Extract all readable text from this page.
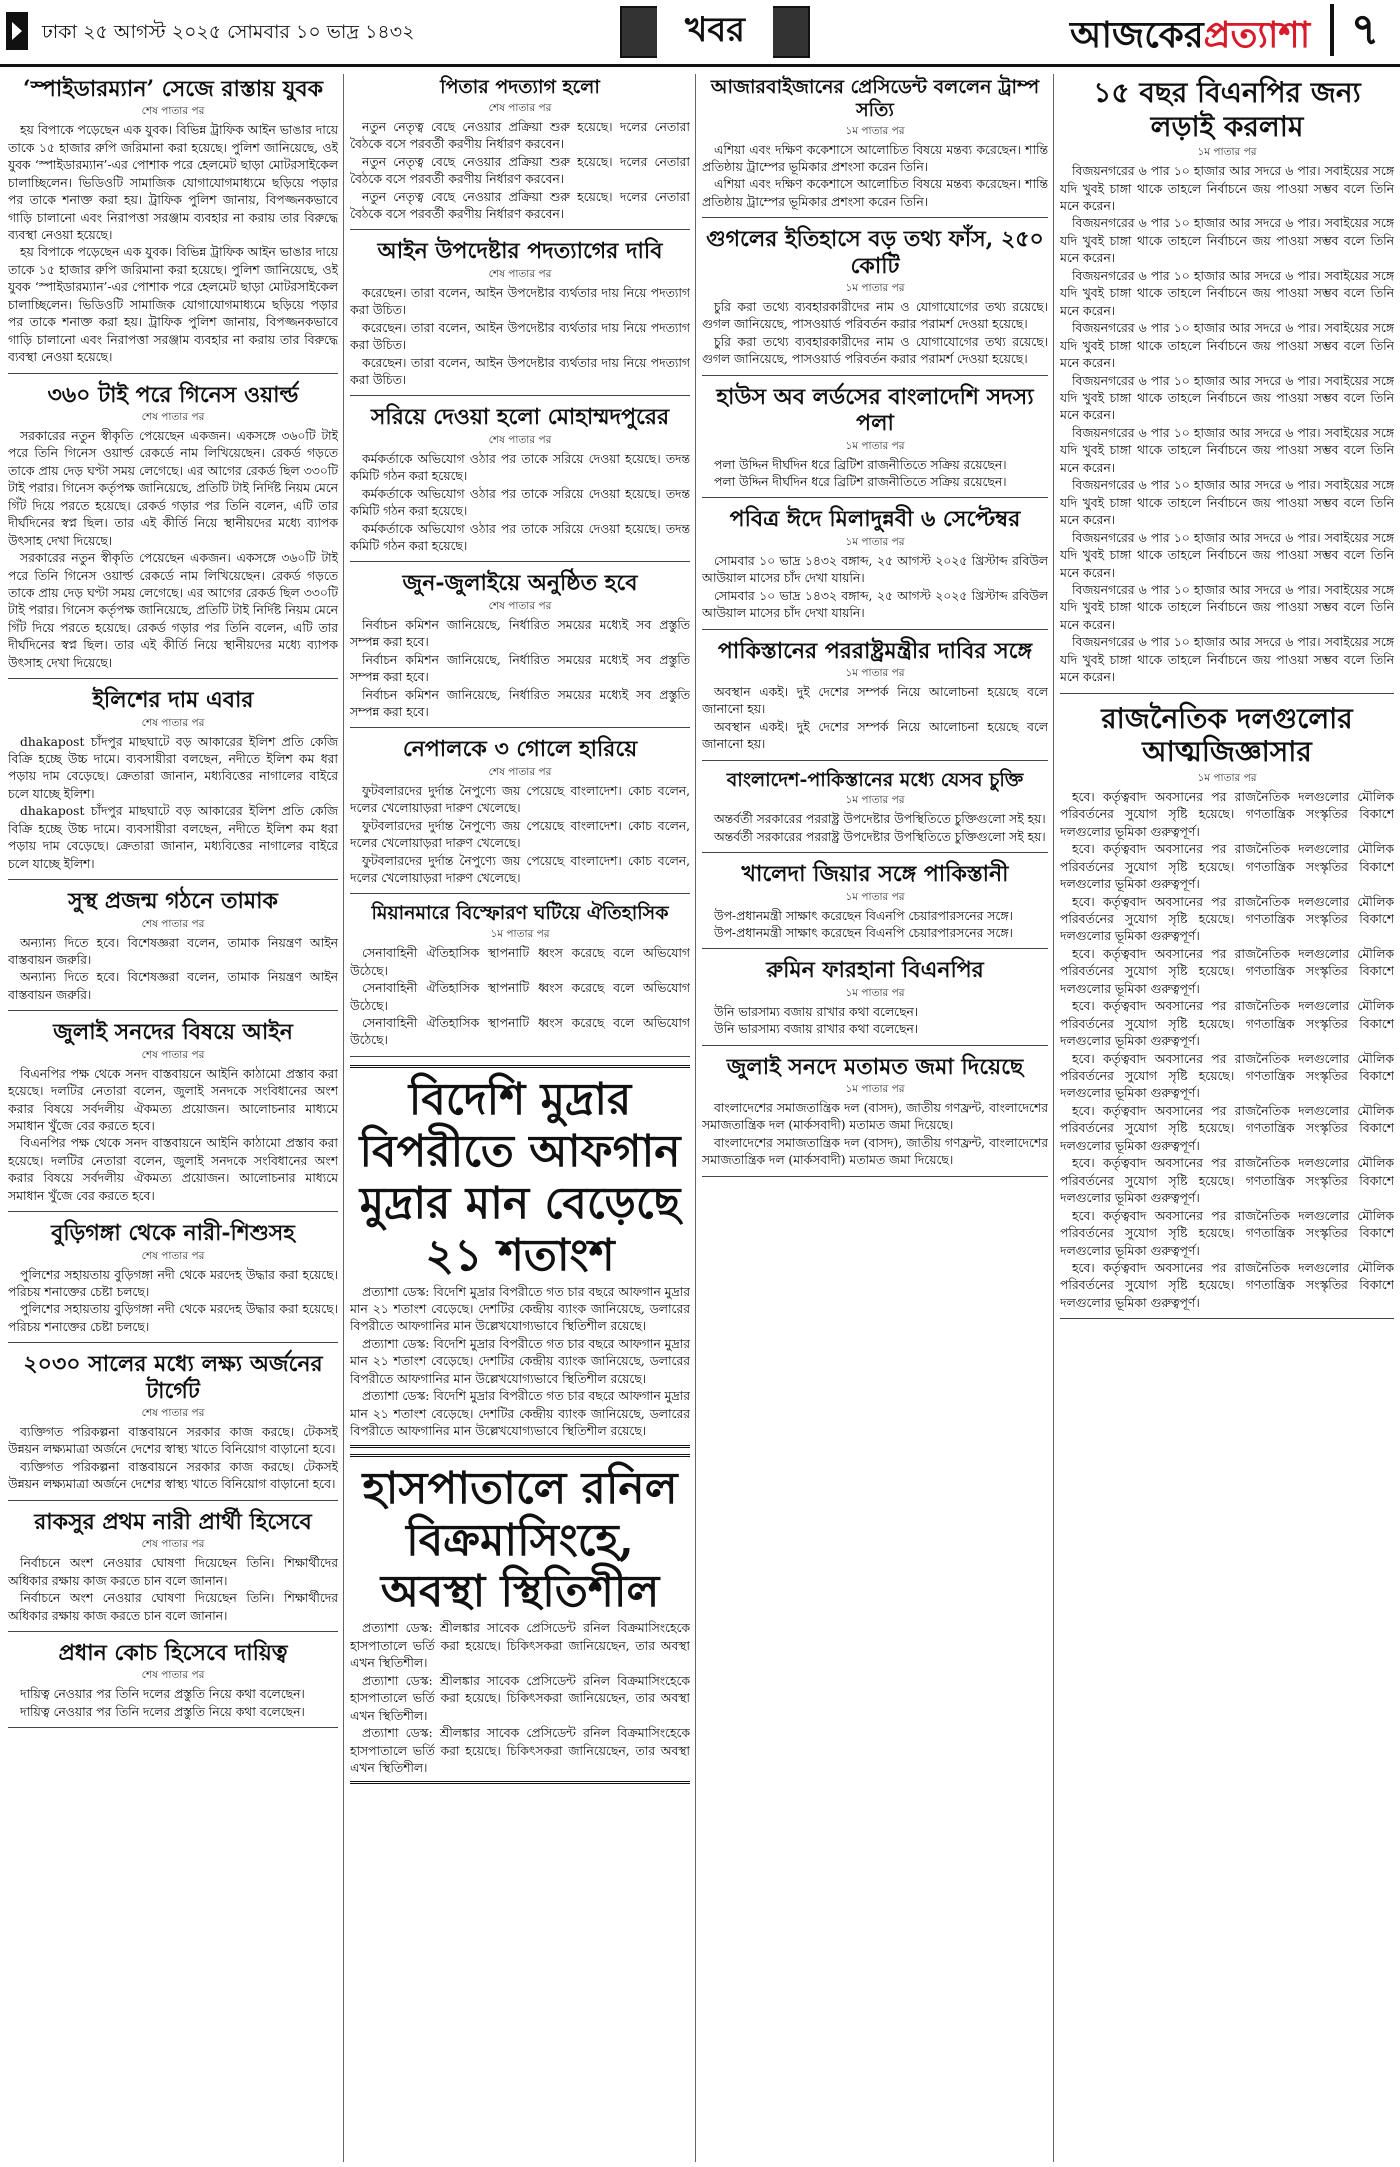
ঢাকা ২৫ আগস্ট ২০২৫ সোমবার ১০ ভাদ্র ১৪৩২	খবর	আজকেরপ্রত্যাশা ৭
‘স্পাইডারম্যান’ সেজে রাস্তায় যুবক
শেষ পাতার পর

হয় বিপাকে পড়েছেন এক যুবক। বিভিন্ন ট্রাফিক আইন ভাঙার দায়ে তাকে ১৫ হাজার রুপি জরিমানা করা হয়েছে। পুলিশ জানিয়েছে, ওই যুবক ‘স্পাইডারম্যান’-এর পোশাক পরে হেলমেট ছাড়া মোটরসাইকেল চালাচ্ছিলেন। ভিডিওটি সামাজিক যোগাযোগমাধ্যমে ছড়িয়ে পড়ার পর তাকে শনাক্ত করা হয়। ট্রাফিক পুলিশ জানায়, বিপজ্জনকভাবে গাড়ি চালানো এবং নিরাপত্তা সরঞ্জাম ব্যবহার না করায় তার বিরুদ্ধে ব্যবস্থা নেওয়া হয়েছে।

হয় বিপাকে পড়েছেন এক যুবক। বিভিন্ন ট্রাফিক আইন ভাঙার দায়ে তাকে ১৫ হাজার রুপি জরিমানা করা হয়েছে। পুলিশ জানিয়েছে, ওই যুবক ‘স্পাইডারম্যান’-এর পোশাক পরে হেলমেট ছাড়া মোটরসাইকেল চালাচ্ছিলেন। ভিডিওটি সামাজিক যোগাযোগমাধ্যমে ছড়িয়ে পড়ার পর তাকে শনাক্ত করা হয়। ট্রাফিক পুলিশ জানায়, বিপজ্জনকভাবে গাড়ি চালানো এবং নিরাপত্তা সরঞ্জাম ব্যবহার না করায় তার বিরুদ্ধে ব্যবস্থা নেওয়া হয়েছে।

৩৬০ টাই পরে গিনেস ওয়ার্ল্ড
শেষ পাতার পর

সরকারের নতুন স্বীকৃতি পেয়েছেন একজন। একসঙ্গে ৩৬০টি টাই পরে তিনি গিনেস ওয়ার্ল্ড রেকর্ডে নাম লিখিয়েছেন। রেকর্ড গড়তে তাকে প্রায় দেড় ঘণ্টা সময় লেগেছে। এর আগের রেকর্ড ছিল ৩৩০টি টাই পরার। গিনেস কর্তৃপক্ষ জানিয়েছে, প্রতিটি টাই নির্দিষ্ট নিয়ম মেনে গিঁট দিয়ে পরতে হয়েছে। রেকর্ড গড়ার পর তিনি বলেন, এটি তার দীর্ঘদিনের স্বপ্ন ছিল। তার এই কীর্তি নিয়ে স্থানীয়দের মধ্যে ব্যাপক উৎসাহ দেখা দিয়েছে।

সরকারের নতুন স্বীকৃতি পেয়েছেন একজন। একসঙ্গে ৩৬০টি টাই পরে তিনি গিনেস ওয়ার্ল্ড রেকর্ডে নাম লিখিয়েছেন। রেকর্ড গড়তে তাকে প্রায় দেড় ঘণ্টা সময় লেগেছে। এর আগের রেকর্ড ছিল ৩৩০টি টাই পরার। গিনেস কর্তৃপক্ষ জানিয়েছে, প্রতিটি টাই নির্দিষ্ট নিয়ম মেনে গিঁট দিয়ে পরতে হয়েছে। রেকর্ড গড়ার পর তিনি বলেন, এটি তার দীর্ঘদিনের স্বপ্ন ছিল। তার এই কীর্তি নিয়ে স্থানীয়দের মধ্যে ব্যাপক উৎসাহ দেখা দিয়েছে।

ইলিশের দাম এবার
শেষ পাতার পর

dhakapost চাঁদপুর মাছঘাটে বড় আকারের ইলিশ প্রতি কেজি বিক্রি হচ্ছে উচ্চ দামে। ব্যবসায়ীরা বলছেন, নদীতে ইলিশ কম ধরা পড়ায় দাম বেড়েছে। ক্রেতারা জানান, মধ্যবিত্তের নাগালের বাইরে চলে যাচ্ছে ইলিশ।

dhakapost চাঁদপুর মাছঘাটে বড় আকারের ইলিশ প্রতি কেজি বিক্রি হচ্ছে উচ্চ দামে। ব্যবসায়ীরা বলছেন, নদীতে ইলিশ কম ধরা পড়ায় দাম বেড়েছে। ক্রেতারা জানান, মধ্যবিত্তের নাগালের বাইরে চলে যাচ্ছে ইলিশ।

সুস্থ প্রজন্ম গঠনে তামাক
শেষ পাতার পর

অন্যান্য দিতে হবে। বিশেষজ্ঞরা বলেন, তামাক নিয়ন্ত্রণ আইন বাস্তবায়ন জরুরি।

অন্যান্য দিতে হবে। বিশেষজ্ঞরা বলেন, তামাক নিয়ন্ত্রণ আইন বাস্তবায়ন জরুরি।

জুলাই সনদের বিষয়ে আইন
শেষ পাতার পর

বিএনপির পক্ষ থেকে সনদ বাস্তবায়নে আইনি কাঠামো প্রস্তাব করা হয়েছে। দলটির নেতারা বলেন, জুলাই সনদকে সংবিধানের অংশ করার বিষয়ে সর্বদলীয় ঐকমত্য প্রয়োজন। আলোচনার মাধ্যমে সমাধান খুঁজে বের করতে হবে।

বিএনপির পক্ষ থেকে সনদ বাস্তবায়নে আইনি কাঠামো প্রস্তাব করা হয়েছে। দলটির নেতারা বলেন, জুলাই সনদকে সংবিধানের অংশ করার বিষয়ে সর্বদলীয় ঐকমত্য প্রয়োজন। আলোচনার মাধ্যমে সমাধান খুঁজে বের করতে হবে।

বুড়িগঙ্গা থেকে নারী-শিশুসহ
শেষ পাতার পর

পুলিশের সহায়তায় বুড়িগঙ্গা নদী থেকে মরদেহ উদ্ধার করা হয়েছে। পরিচয় শনাক্তের চেষ্টা চলছে।

পুলিশের সহায়তায় বুড়িগঙ্গা নদী থেকে মরদেহ উদ্ধার করা হয়েছে। পরিচয় শনাক্তের চেষ্টা চলছে।

২০৩০ সালের মধ্যে লক্ষ্য অর্জনের টার্গেট
শেষ পাতার পর

ব্যক্তিগত পরিকল্পনা বাস্তবায়নে সরকার কাজ করছে। টেকসই উন্নয়ন লক্ষ্যমাত্রা অর্জনে দেশের স্বাস্থ্য খাতে বিনিয়োগ বাড়ানো হবে।

ব্যক্তিগত পরিকল্পনা বাস্তবায়নে সরকার কাজ করছে। টেকসই উন্নয়ন লক্ষ্যমাত্রা অর্জনে দেশের স্বাস্থ্য খাতে বিনিয়োগ বাড়ানো হবে।

রাকসুর প্রথম নারী প্রার্থী হিসেবে
শেষ পাতার পর

নির্বাচনে অংশ নেওয়ার ঘোষণা দিয়েছেন তিনি। শিক্ষার্থীদের অধিকার রক্ষায় কাজ করতে চান বলে জানান।

নির্বাচনে অংশ নেওয়ার ঘোষণা দিয়েছেন তিনি। শিক্ষার্থীদের অধিকার রক্ষায় কাজ করতে চান বলে জানান।

প্রধান কোচ হিসেবে দায়িত্ব
শেষ পাতার পর

দায়িত্ব নেওয়ার পর তিনি দলের প্রস্তুতি নিয়ে কথা বলেছেন।

দায়িত্ব নেওয়ার পর তিনি দলের প্রস্তুতি নিয়ে কথা বলেছেন।

পিতার পদত্যাগ হলো
শেষ পাতার পর

নতুন নেতৃত্ব বেছে নেওয়ার প্রক্রিয়া শুরু হয়েছে। দলের নেতারা বৈঠকে বসে পরবর্তী করণীয় নির্ধারণ করবেন।

নতুন নেতৃত্ব বেছে নেওয়ার প্রক্রিয়া শুরু হয়েছে। দলের নেতারা বৈঠকে বসে পরবর্তী করণীয় নির্ধারণ করবেন।

নতুন নেতৃত্ব বেছে নেওয়ার প্রক্রিয়া শুরু হয়েছে। দলের নেতারা বৈঠকে বসে পরবর্তী করণীয় নির্ধারণ করবেন।

আইন উপদেষ্টার পদত্যাগের দাবি
শেষ পাতার পর

করেছেন। তারা বলেন, আইন উপদেষ্টার ব্যর্থতার দায় নিয়ে পদত্যাগ করা উচিত।

করেছেন। তারা বলেন, আইন উপদেষ্টার ব্যর্থতার দায় নিয়ে পদত্যাগ করা উচিত।

করেছেন। তারা বলেন, আইন উপদেষ্টার ব্যর্থতার দায় নিয়ে পদত্যাগ করা উচিত।

সরিয়ে দেওয়া হলো মোহাম্মদপুরের
শেষ পাতার পর

কর্মকর্তাকে অভিযোগ ওঠার পর তাকে সরিয়ে দেওয়া হয়েছে। তদন্ত কমিটি গঠন করা হয়েছে।

কর্মকর্তাকে অভিযোগ ওঠার পর তাকে সরিয়ে দেওয়া হয়েছে। তদন্ত কমিটি গঠন করা হয়েছে।

কর্মকর্তাকে অভিযোগ ওঠার পর তাকে সরিয়ে দেওয়া হয়েছে। তদন্ত কমিটি গঠন করা হয়েছে।

জুন-জুলাইয়ে অনুষ্ঠিত হবে
শেষ পাতার পর

নির্বাচন কমিশন জানিয়েছে, নির্ধারিত সময়ের মধ্যেই সব প্রস্তুতি সম্পন্ন করা হবে।

নির্বাচন কমিশন জানিয়েছে, নির্ধারিত সময়ের মধ্যেই সব প্রস্তুতি সম্পন্ন করা হবে।

নির্বাচন কমিশন জানিয়েছে, নির্ধারিত সময়ের মধ্যেই সব প্রস্তুতি সম্পন্ন করা হবে।

নেপালকে ৩ গোলে হারিয়ে
শেষ পাতার পর

ফুটবলারদের দুর্দান্ত নৈপুণ্যে জয় পেয়েছে বাংলাদেশ। কোচ বলেন, দলের খেলোয়াড়রা দারুণ খেলেছে।

ফুটবলারদের দুর্দান্ত নৈপুণ্যে জয় পেয়েছে বাংলাদেশ। কোচ বলেন, দলের খেলোয়াড়রা দারুণ খেলেছে।

ফুটবলারদের দুর্দান্ত নৈপুণ্যে জয় পেয়েছে বাংলাদেশ। কোচ বলেন, দলের খেলোয়াড়রা দারুণ খেলেছে।

মিয়ানমারে বিস্ফোরণ ঘটিয়ে ঐতিহাসিক
১ম পাতার পর

সেনাবাহিনী ঐতিহাসিক স্থাপনাটি ধ্বংস করেছে বলে অভিযোগ উঠেছে।

সেনাবাহিনী ঐতিহাসিক স্থাপনাটি ধ্বংস করেছে বলে অভিযোগ উঠেছে।

সেনাবাহিনী ঐতিহাসিক স্থাপনাটি ধ্বংস করেছে বলে অভিযোগ উঠেছে।

বিদেশি মুদ্রার বিপরীতে আফগান মুদ্রার মান বেড়েছে ২১ শতাংশ

প্রত্যাশা ডেস্ক: বিদেশি মুদ্রার বিপরীতে গত চার বছরে আফগান মুদ্রার মান ২১ শতাংশ বেড়েছে। দেশটির কেন্দ্রীয় ব্যাংক জানিয়েছে, ডলারের বিপরীতে আফগানির মান উল্লেখযোগ্যভাবে স্থিতিশীল রয়েছে।

প্রত্যাশা ডেস্ক: বিদেশি মুদ্রার বিপরীতে গত চার বছরে আফগান মুদ্রার মান ২১ শতাংশ বেড়েছে। দেশটির কেন্দ্রীয় ব্যাংক জানিয়েছে, ডলারের বিপরীতে আফগানির মান উল্লেখযোগ্যভাবে স্থিতিশীল রয়েছে।

প্রত্যাশা ডেস্ক: বিদেশি মুদ্রার বিপরীতে গত চার বছরে আফগান মুদ্রার মান ২১ শতাংশ বেড়েছে। দেশটির কেন্দ্রীয় ব্যাংক জানিয়েছে, ডলারের বিপরীতে আফগানির মান উল্লেখযোগ্যভাবে স্থিতিশীল রয়েছে।

হাসপাতালে রনিল বিক্রমাসিংহে, অবস্থা স্থিতিশীল

প্রত্যাশা ডেস্ক: শ্রীলঙ্কার সাবেক প্রেসিডেন্ট রনিল বিক্রমাসিংহেকে হাসপাতালে ভর্তি করা হয়েছে। চিকিৎসকরা জানিয়েছেন, তার অবস্থা এখন স্থিতিশীল।

প্রত্যাশা ডেস্ক: শ্রীলঙ্কার সাবেক প্রেসিডেন্ট রনিল বিক্রমাসিংহেকে হাসপাতালে ভর্তি করা হয়েছে। চিকিৎসকরা জানিয়েছেন, তার অবস্থা এখন স্থিতিশীল।

প্রত্যাশা ডেস্ক: শ্রীলঙ্কার সাবেক প্রেসিডেন্ট রনিল বিক্রমাসিংহেকে হাসপাতালে ভর্তি করা হয়েছে। চিকিৎসকরা জানিয়েছেন, তার অবস্থা এখন স্থিতিশীল।

আজারবাইজানের প্রেসিডেন্ট বললেন ট্রাম্প সত্যি
১ম পাতার পর

এশিয়া এবং দক্ষিণ ককেশাসে আলোচিত বিষয়ে মন্তব্য করেছেন। শান্তি প্রতিষ্ঠায় ট্রাম্পের ভূমিকার প্রশংসা করেন তিনি।

এশিয়া এবং দক্ষিণ ককেশাসে আলোচিত বিষয়ে মন্তব্য করেছেন। শান্তি প্রতিষ্ঠায় ট্রাম্পের ভূমিকার প্রশংসা করেন তিনি।

গুগলের ইতিহাসে বড় তথ্য ফাঁস, ২৫০ কোটি
১ম পাতার পর

চুরি করা তথ্যে ব্যবহারকারীদের নাম ও যোগাযোগের তথ্য রয়েছে। গুগল জানিয়েছে, পাসওয়ার্ড পরিবর্তন করার পরামর্শ দেওয়া হয়েছে।

চুরি করা তথ্যে ব্যবহারকারীদের নাম ও যোগাযোগের তথ্য রয়েছে। গুগল জানিয়েছে, পাসওয়ার্ড পরিবর্তন করার পরামর্শ দেওয়া হয়েছে।

হাউস অব লর্ডসের বাংলাদেশি সদস্য পলা
১ম পাতার পর

পলা উদ্দিন দীর্ঘদিন ধরে ব্রিটিশ রাজনীতিতে সক্রিয় রয়েছেন।

পলা উদ্দিন দীর্ঘদিন ধরে ব্রিটিশ রাজনীতিতে সক্রিয় রয়েছেন।

পবিত্র ঈদে মিলাদুন্নবী ৬ সেপ্টেম্বর
১ম পাতার পর

সোমবার ১০ ভাদ্র ১৪৩২ বঙ্গাব্দ, ২৫ আগস্ট ২০২৫ খ্রিস্টাব্দ রবিউল আউয়াল মাসের চাঁদ দেখা যায়নি।

সোমবার ১০ ভাদ্র ১৪৩২ বঙ্গাব্দ, ২৫ আগস্ট ২০২৫ খ্রিস্টাব্দ রবিউল আউয়াল মাসের চাঁদ দেখা যায়নি।

পাকিস্তানের পররাষ্ট্রমন্ত্রীর দাবির সঙ্গে
১ম পাতার পর

অবস্থান একই। দুই দেশের সম্পর্ক নিয়ে আলোচনা হয়েছে বলে জানানো হয়।

অবস্থান একই। দুই দেশের সম্পর্ক নিয়ে আলোচনা হয়েছে বলে জানানো হয়।

বাংলাদেশ-পাকিস্তানের মধ্যে যেসব চুক্তি
১ম পাতার পর

অন্তর্বর্তী সরকারের পররাষ্ট্র উপদেষ্টার উপস্থিতিতে চুক্তিগুলো সই হয়।

অন্তর্বর্তী সরকারের পররাষ্ট্র উপদেষ্টার উপস্থিতিতে চুক্তিগুলো সই হয়।

খালেদা জিয়ার সঙ্গে পাকিস্তানী
১ম পাতার পর

উপ-প্রধানমন্ত্রী সাক্ষাৎ করেছেন বিএনপি চেয়ারপারসনের সঙ্গে।

উপ-প্রধানমন্ত্রী সাক্ষাৎ করেছেন বিএনপি চেয়ারপারসনের সঙ্গে।

রুমিন ফারহানা বিএনপির
১ম পাতার পর

উনি ভারসাম্য বজায় রাখার কথা বলেছেন।

উনি ভারসাম্য বজায় রাখার কথা বলেছেন।

জুলাই সনদে মতামত জমা দিয়েছে
১ম পাতার পর

বাংলাদেশের সমাজতান্ত্রিক দল (বাসদ), জাতীয় গণফ্রন্ট, বাংলাদেশের সমাজতান্ত্রিক দল (মার্কসবাদী) মতামত জমা দিয়েছে।

বাংলাদেশের সমাজতান্ত্রিক দল (বাসদ), জাতীয় গণফ্রন্ট, বাংলাদেশের সমাজতান্ত্রিক দল (মার্কসবাদী) মতামত জমা দিয়েছে।

১৫ বছর বিএনপির জন্য লড়াই করলাম
১ম পাতার পর

বিজয়নগরের ৬ পার ১০ হাজার আর সদরে ৬ পার। সবাইয়ের সঙ্গে যদি খুবই চাঙ্গা থাকে তাহলে নির্বাচনে জয় পাওয়া সম্ভব বলে তিনি মনে করেন।

বিজয়নগরের ৬ পার ১০ হাজার আর সদরে ৬ পার। সবাইয়ের সঙ্গে যদি খুবই চাঙ্গা থাকে তাহলে নির্বাচনে জয় পাওয়া সম্ভব বলে তিনি মনে করেন।

বিজয়নগরের ৬ পার ১০ হাজার আর সদরে ৬ পার। সবাইয়ের সঙ্গে যদি খুবই চাঙ্গা থাকে তাহলে নির্বাচনে জয় পাওয়া সম্ভব বলে তিনি মনে করেন।

বিজয়নগরের ৬ পার ১০ হাজার আর সদরে ৬ পার। সবাইয়ের সঙ্গে যদি খুবই চাঙ্গা থাকে তাহলে নির্বাচনে জয় পাওয়া সম্ভব বলে তিনি মনে করেন।

বিজয়নগরের ৬ পার ১০ হাজার আর সদরে ৬ পার। সবাইয়ের সঙ্গে যদি খুবই চাঙ্গা থাকে তাহলে নির্বাচনে জয় পাওয়া সম্ভব বলে তিনি মনে করেন।

বিজয়নগরের ৬ পার ১০ হাজার আর সদরে ৬ পার। সবাইয়ের সঙ্গে যদি খুবই চাঙ্গা থাকে তাহলে নির্বাচনে জয় পাওয়া সম্ভব বলে তিনি মনে করেন।

বিজয়নগরের ৬ পার ১০ হাজার আর সদরে ৬ পার। সবাইয়ের সঙ্গে যদি খুবই চাঙ্গা থাকে তাহলে নির্বাচনে জয় পাওয়া সম্ভব বলে তিনি মনে করেন।

বিজয়নগরের ৬ পার ১০ হাজার আর সদরে ৬ পার। সবাইয়ের সঙ্গে যদি খুবই চাঙ্গা থাকে তাহলে নির্বাচনে জয় পাওয়া সম্ভব বলে তিনি মনে করেন।

বিজয়নগরের ৬ পার ১০ হাজার আর সদরে ৬ পার। সবাইয়ের সঙ্গে যদি খুবই চাঙ্গা থাকে তাহলে নির্বাচনে জয় পাওয়া সম্ভব বলে তিনি মনে করেন।

বিজয়নগরের ৬ পার ১০ হাজার আর সদরে ৬ পার। সবাইয়ের সঙ্গে যদি খুবই চাঙ্গা থাকে তাহলে নির্বাচনে জয় পাওয়া সম্ভব বলে তিনি মনে করেন।

রাজনৈতিক দলগুলোর আত্মজিজ্ঞাসার
১ম পাতার পর

হবে। কর্তৃত্ববাদ অবসানের পর রাজনৈতিক দলগুলোর মৌলিক পরিবর্তনের সুযোগ সৃষ্টি হয়েছে। গণতান্ত্রিক সংস্কৃতির বিকাশে দলগুলোর ভূমিকা গুরুত্বপূর্ণ।

হবে। কর্তৃত্ববাদ অবসানের পর রাজনৈতিক দলগুলোর মৌলিক পরিবর্তনের সুযোগ সৃষ্টি হয়েছে। গণতান্ত্রিক সংস্কৃতির বিকাশে দলগুলোর ভূমিকা গুরুত্বপূর্ণ।

হবে। কর্তৃত্ববাদ অবসানের পর রাজনৈতিক দলগুলোর মৌলিক পরিবর্তনের সুযোগ সৃষ্টি হয়েছে। গণতান্ত্রিক সংস্কৃতির বিকাশে দলগুলোর ভূমিকা গুরুত্বপূর্ণ।

হবে। কর্তৃত্ববাদ অবসানের পর রাজনৈতিক দলগুলোর মৌলিক পরিবর্তনের সুযোগ সৃষ্টি হয়েছে। গণতান্ত্রিক সংস্কৃতির বিকাশে দলগুলোর ভূমিকা গুরুত্বপূর্ণ।

হবে। কর্তৃত্ববাদ অবসানের পর রাজনৈতিক দলগুলোর মৌলিক পরিবর্তনের সুযোগ সৃষ্টি হয়েছে। গণতান্ত্রিক সংস্কৃতির বিকাশে দলগুলোর ভূমিকা গুরুত্বপূর্ণ।

হবে। কর্তৃত্ববাদ অবসানের পর রাজনৈতিক দলগুলোর মৌলিক পরিবর্তনের সুযোগ সৃষ্টি হয়েছে। গণতান্ত্রিক সংস্কৃতির বিকাশে দলগুলোর ভূমিকা গুরুত্বপূর্ণ।

হবে। কর্তৃত্ববাদ অবসানের পর রাজনৈতিক দলগুলোর মৌলিক পরিবর্তনের সুযোগ সৃষ্টি হয়েছে। গণতান্ত্রিক সংস্কৃতির বিকাশে দলগুলোর ভূমিকা গুরুত্বপূর্ণ।

হবে। কর্তৃত্ববাদ অবসানের পর রাজনৈতিক দলগুলোর মৌলিক পরিবর্তনের সুযোগ সৃষ্টি হয়েছে। গণতান্ত্রিক সংস্কৃতির বিকাশে দলগুলোর ভূমিকা গুরুত্বপূর্ণ।

হবে। কর্তৃত্ববাদ অবসানের পর রাজনৈতিক দলগুলোর মৌলিক পরিবর্তনের সুযোগ সৃষ্টি হয়েছে। গণতান্ত্রিক সংস্কৃতির বিকাশে দলগুলোর ভূমিকা গুরুত্বপূর্ণ।

হবে। কর্তৃত্ববাদ অবসানের পর রাজনৈতিক দলগুলোর মৌলিক পরিবর্তনের সুযোগ সৃষ্টি হয়েছে। গণতান্ত্রিক সংস্কৃতির বিকাশে দলগুলোর ভূমিকা গুরুত্বপূর্ণ।
